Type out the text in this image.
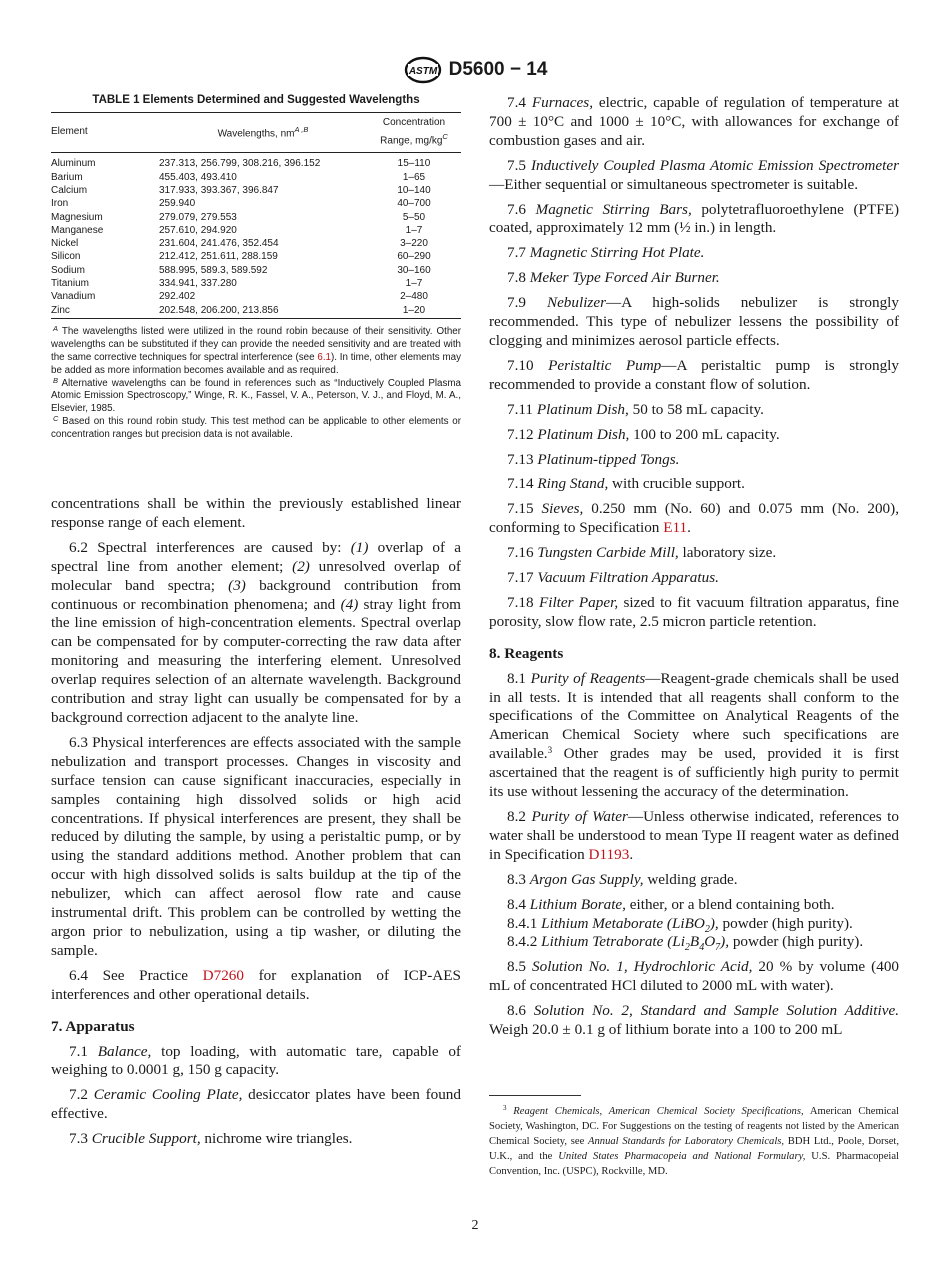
ASTM D5600 − 14
TABLE 1 Elements Determined and Suggested Wavelengths
Element	Wavelengths, $nm^{A ,B}$	Concentration
Range, $mg/kg^C$
Aluminum	237.313, 256.799, 308.216, 396.152	15–110
Barium	455.403, 493.410	1–65
Calcium	317.933, 393.367, 396.847	10–140
Iron	259.940	40–700
Magnesium	279.079, 279.553	5–50
Manganese	257.610, 294.920	1–7
Nickel	231.604, 241.476, 352.454	3–220
Silicon	212.412, 251.611, 288.159	60–290
Sodium	588.995, 589.3, 589.592	30–160
Titanium	334.941, 337.280	1–7
Vanadium	292.402	2–480
Zinc	202.548, 206.200, 213.856	1–20

$^A$ The wavelengths listed were utilized in the round robin because of their sensitivity. Other wavelengths can be substituted if they can provide the needed sensitivity and are treated with the same corrective techniques for spectral interference (see 6.1). In time, other elements may be added as more information becomes available and as required.

$^B$ Alternative wavelengths can be found in references such as “Inductively Coupled Plasma Atomic Emission Spectroscopy,” Winge, R. K., Fassel, V. A., Peterson, V. J., and Floyd, M. A., Elsevier, 1985.

$^C$ Based on this round robin study. This test method can be applicable to other elements or concentration ranges but precision data is not available.

concentrations shall be within the previously established linear response range of each element.

6.2 Spectral interferences are caused by: (1) overlap of a spectral line from another element; (2) unresolved overlap of molecular band spectra; (3) background contribution from continuous or recombination phenomena; and (4) stray light from the line emission of high-concentration elements. Spectral overlap can be compensated for by computer-correcting the raw data after monitoring and measuring the interfering element. Unresolved overlap requires selection of an alternate wavelength. Background contribution and stray light can usually be compensated for by a background correction adjacent to the analyte line.

6.3 Physical interferences are effects associated with the sample nebulization and transport processes. Changes in viscosity and surface tension can cause significant inaccuracies, especially in samples containing high dissolved solids or high acid concentrations. If physical interferences are present, they shall be reduced by diluting the sample, by using a peristaltic pump, or by using the standard additions method. Another problem that can occur with high dissolved solids is salts buildup at the tip of the nebulizer, which can affect aerosol flow rate and cause instrumental drift. This problem can be controlled by wetting the argon prior to nebulization, using a tip washer, or diluting the sample.

6.4 See Practice D7260 for explanation of ICP-AES interferences and other operational details.

7. Apparatus

7.1 Balance, top loading, with automatic tare, capable of weighing to 0.0001 g, 150 g capacity.

7.2 Ceramic Cooling Plate, desiccator plates have been found effective.

7.3 Crucible Support, nichrome wire triangles.

7.4 Furnaces, electric, capable of regulation of temperature at 700 ± 10°C and 1000 ± 10°C, with allowances for exchange of combustion gases and air.

7.5 Inductively Coupled Plasma Atomic Emission Spectrometer—Either sequential or simultaneous spectrometer is suitable.

7.6 Magnetic Stirring Bars, polytetrafluoroethylene (PTFE) coated, approximately 12 mm (½ in.) in length.

7.7 Magnetic Stirring Hot Plate.

7.8 Meker Type Forced Air Burner.

7.9 Nebulizer—A high-solids nebulizer is strongly recommended. This type of nebulizer lessens the possibility of clogging and minimizes aerosol particle effects.

7.10 Peristaltic Pump—A peristaltic pump is strongly recommended to provide a constant flow of solution.

7.11 Platinum Dish, 50 to 58 mL capacity.

7.12 Platinum Dish, 100 to 200 mL capacity.

7.13 Platinum-tipped Tongs.

7.14 Ring Stand, with crucible support.

7.15 Sieves, 0.250 mm (No. 60) and 0.075 mm (No. 200), conforming to Specification E11.

7.16 Tungsten Carbide Mill, laboratory size.

7.17 Vacuum Filtration Apparatus.

7.18 Filter Paper, sized to fit vacuum filtration apparatus, fine porosity, slow flow rate, 2.5 micron particle retention.

8. Reagents

8.1 Purity of Reagents—Reagent-grade chemicals shall be used in all tests. It is intended that all reagents shall conform to the specifications of the Committee on Analytical Reagents of the American Chemical Society where such specifications are available.$^3$ Other grades may be used, provided it is first ascertained that the reagent is of sufficiently high purity to permit its use without lessening the accuracy of the determination.

8.2 Purity of Water—Unless otherwise indicated, references to water shall be understood to mean Type II reagent water as defined in Specification D1193.

8.3 Argon Gas Supply, welding grade.

8.4 Lithium Borate, either, or a blend containing both.

8.4.1 Lithium Metaborate (LiBO$_2$), powder (high purity).

8.4.2 Lithium Tetraborate $(Li_2B_4O_7)$, powder (high purity).

8.5 Solution No. 1, Hydrochloric Acid, 20 % by volume (400 mL of concentrated HCl diluted to 2000 mL with water).

8.6 Solution No. 2, Standard and Sample Solution Additive. Weigh 20.0 ± 0.1 g of lithium borate into a 100 to 200 mL

$^3$ Reagent Chemicals, American Chemical Society Specifications, American Chemical Society, Washington, DC. For Suggestions on the testing of reagents not listed by the American Chemical Society, see Annual Standards for Laboratory Chemicals, BDH Ltd., Poole, Dorset, U.K., and the United States Pharmacopeia and National Formulary, U.S. Pharmacopeial Convention, Inc. (USPC), Rockville, MD.

2
